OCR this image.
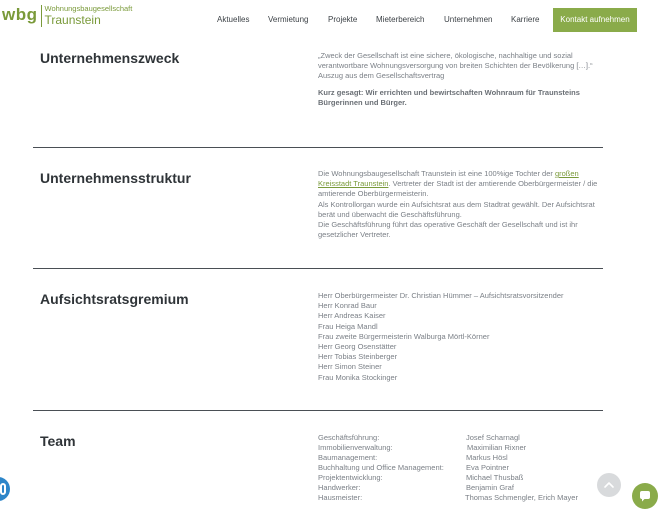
wbg Wohnungsbaugesellschaft
Traunstein	Aktuelles Vermietung Projekte Mieterbereich Unternehmen Karriere	Kontakt aufnehmen
Unternehmenszweck	„Zweck der Gesellschaft ist eine sichere, ökologische, nachhaltige und sozial verantwortbare Wohnungsversorgung von breiten Schichten der Bevölkerung […].“

Auszug aus dem Gesellschaftsvertrag

Kurz gesagt: Wir errichten und bewirtschaften Wohnraum für Traunsteins Bürgerinnen und Bürger.

Unternehmensstruktur	Die Wohnungsbaugesellschaft Traunstein ist eine 100%ige Tochter der großen Kreisstadt Traunstein. Vertreter der Stadt ist der amtierende Oberbürgermeister / die amtierende Oberbürgermeisterin.

Als Kontrollorgan wurde ein Aufsichtsrat aus dem Stadtrat gewählt. Der Aufsichtsrat berät und überwacht die Geschäftsführung.

Die Geschäftsführung führt das operative Geschäft der Gesellschaft und ist ihr gesetzlicher Vertreter.

Aufsichtsratsgremium	Herr Oberbürgermeister Dr. Christian Hümmer – Aufsichtsratsvorsitzender
Herr Konrad Baur
Herr Andreas Kaiser
Frau Heiga Mandl
Frau zweite Bürgermeisterin Walburga Mörtl-Körner
Herr Georg Osenstätter
Herr Tobias Steinberger
Herr Simon Steiner
Frau Monika Stockinger
Team	Geschäftsführung:	Josef Scharnagl
Immobilienverwaltung:	Maximilian Rixner
Baumanagement:	Markus Hösl
Buchhaltung und Office Management:	Eva Pointner
Projektentwicklung:	Michael Thusbaß
Handwerker:	Benjamin Graf
Hausmeister:	Thomas Schmengler, Erich Mayer
